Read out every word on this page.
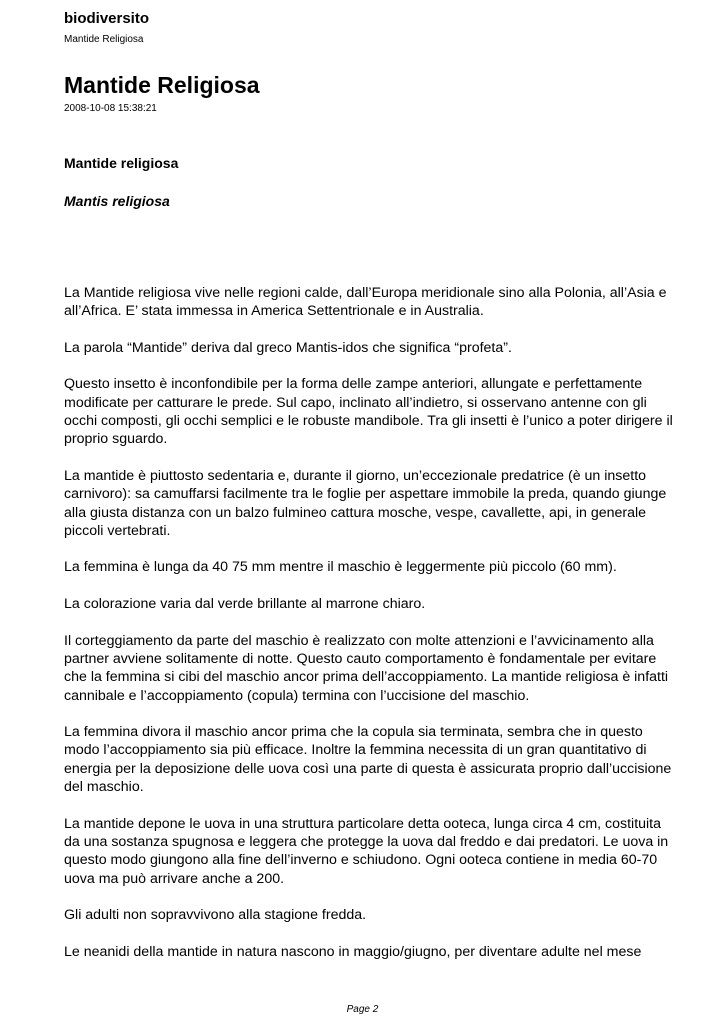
biodiversito
Mantide Religiosa
Mantide Religiosa
2008-10-08 15:38:21
Mantide religiosa
Mantis religiosa

La Mantide religiosa vive nelle regioni calde, dall’Europa meridionale sino alla Polonia, all’Asia e all’Africa. E’ stata immessa in America Settentrionale e in Australia.

La parola “Mantide” deriva dal greco Mantis-idos che significa “profeta”.

Questo insetto è inconfondibile per la forma delle zampe anteriori, allungate e perfettamente modificate per catturare le prede. Sul capo, inclinato all’indietro, si osservano antenne con gli occhi composti, gli occhi semplici e le robuste mandibole. Tra gli insetti è l’unico a poter dirigere il proprio sguardo.

La mantide è piuttosto sedentaria e, durante il giorno, un’eccezionale predatrice (è un insetto carnivoro): sa camuffarsi facilmente tra le foglie per aspettare immobile la preda, quando giunge alla giusta distanza con un balzo fulmineo cattura mosche, vespe, cavallette, api, in generale piccoli vertebrati.

La femmina è lunga da 40 75 mm mentre il maschio è leggermente più piccolo (60 mm).

La colorazione varia dal verde brillante al marrone chiaro.

Il corteggiamento da parte del maschio è realizzato con molte attenzioni e l’avvicinamento alla partner avviene solitamente di notte. Questo cauto comportamento è fondamentale per evitare che la femmina si cibi del maschio ancor prima dell’accoppiamento. La mantide religiosa è infatti cannibale e l’accoppiamento (copula) termina con l’uccisione del maschio.

La femmina divora il maschio ancor prima che la copula sia terminata, sembra che in questo modo l’accoppiamento sia più efficace. Inoltre la femmina necessita di un gran quantitativo di energia per la deposizione delle uova così una parte di questa è assicurata proprio dall’uccisione del maschio.

La mantide depone le uova in una struttura particolare detta ooteca, lunga circa 4 cm, costituita da una sostanza spugnosa e leggera che protegge la uova dal freddo e dai predatori. Le uova in questo modo giungono alla fine dell’inverno e schiudono. Ogni ooteca contiene in media 60-70 uova ma può arrivare anche a 200.

Gli adulti non sopravvivono alla stagione fredda.

Le neanidi della mantide in natura nascono in maggio/giugno, per diventare adulte nel mese

Page 2
